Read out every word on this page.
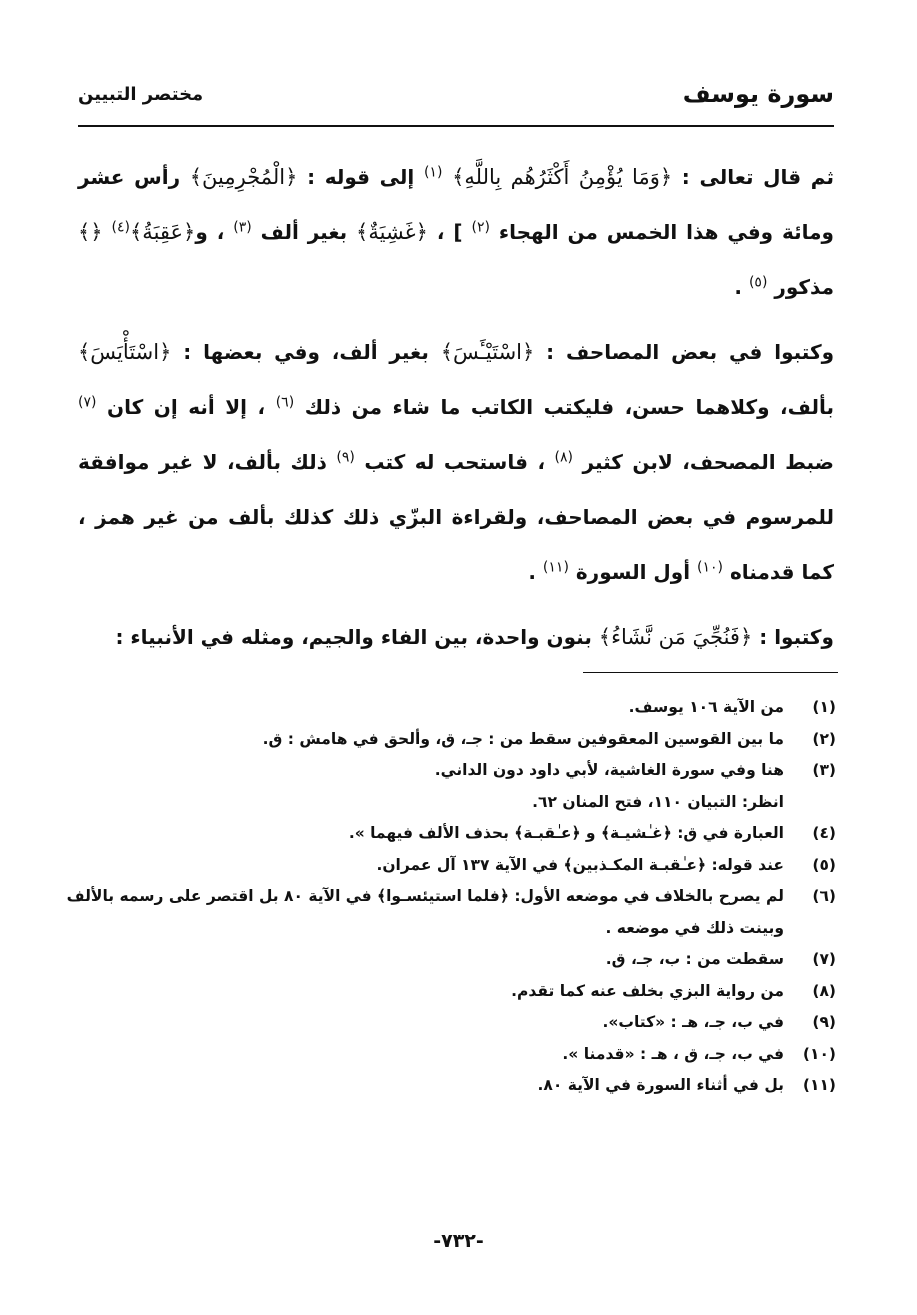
مختصر التبيين	سورة يوسف

ثم قال تعالى : ﴿وَمَا يُؤْمِنُ أَكْثَرُهُم بِاللَّهِ﴾ $^{(١)}$ إلى قوله : ﴿الْمُجْرِمِينَ﴾ رأس عشر ومائة وفي هذا الخمس من الهجاء $^{(٢)}$ ] ، ﴿غَشِيَةٌ﴾ بغير ألف $^{(٣)}$ ، و﴿عَقِبَةُ﴾$^{(٤)}$ ﴿﴾ مذكور $^{(٥)}$ .

وكتبوا في بعض المصاحف : ﴿اسْتَيْـَٔسَ﴾ بغير ألف، وفي بعضها : ﴿اسْتَأْيَسَ﴾ بألف، وكلاهما حسن، فليكتب الكاتب ما شاء من ذلك $^{(٦)}$ ، إلا أنه إن كان $^{(٧)}$ ضبط المصحف، لابن كثير $^{(٨)}$ ، فاستحب له كتب $^{(٩)}$ ذلك بألف، لا غير موافقة للمرسوم في بعض المصاحف، ولقراءة البزّي ذلك كذلك بألف من غير همز ، كما قدمناه $^{(١٠)}$ أول السورة $^{(١١)}$ .

وكتبوا : ﴿فَنُجِّيَ مَن نَّشَاءُ﴾ بنون واحدة، بين الفاء والجيم، ومثله في الأنبياء :

(١)
من الآية ١٠٦ يوسف.
(٢)
ما بين القوسين المعقوفين سقط من : جـ، ق، وألحق في هامش : ق.
(٣)
هنا وفي سورة الغاشية، لأبي داود دون الداني.
انظر: التبيان ١١٠، فتح المنان ٦٢.
(٤)
العبارة في ق: ﴿غـٰشيـة﴾ و ﴿عـٰقبـة﴾ بحذف الألف فيهما ».
(٥)
عند قوله: ﴿عـٰقبـة المكـذبين﴾ في الآية ١٣٧ آل عمران.
(٦)
لم يصرح بالخلاف في موضعه الأول: ﴿فلما استيئسـوا﴾ في الآية ٨٠ بل اقتصر على رسمه بالألف
وبينت ذلك في موضعه .
(٧)
سقطت من : ب، جـ، ق.
(٨)
من رواية البزي بخلف عنه كما تقدم.
(٩)
في ب، جـ، هـ : «كتاب».
(١٠)
في ب، جـ، ق ، هـ : «قدمنا ».
(١١)
بل في أثناء السورة في الآية ٨٠.
-٧٣٢-
